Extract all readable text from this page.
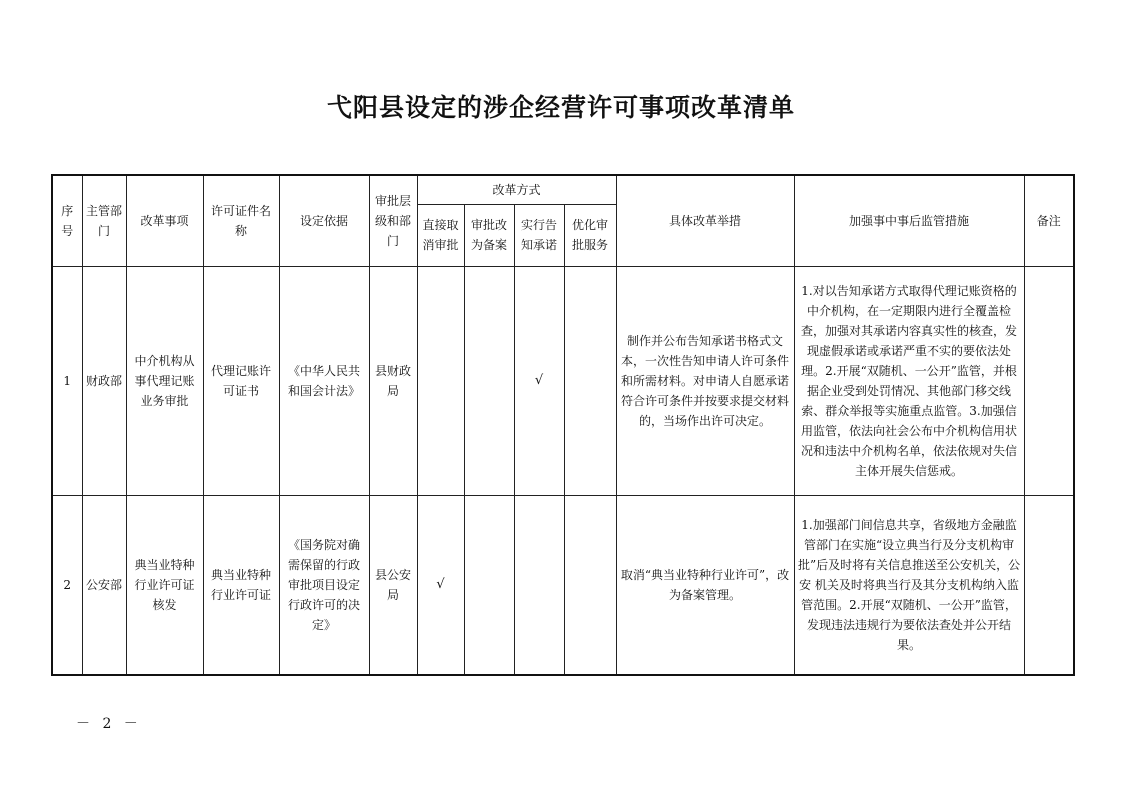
弋阳县设定的涉企经营许可事项改革清单
序号	主管部门	改革事项	许可证件名称	设定依据	审批层级和部门	改革方式				具体改革举措	加强事中事后监管措施	备注
						直接取消审批	审批改为备案	实行告知承诺	优化审批服务			
1	财政部	中介机构从事代理记账业务审批	代理记账许可证书	《中华人民共和国会计法》	县财政局			√		制作并公布告知承诺书格式文本，一次性告知申请人许可条件和所需材料。对申请人自愿承诺符合许可条件并按要求提交材料的，当场作出许可决定。	1.对以告知承诺方式取得代理记账资格的中介机构，在一定期限内进行全覆盖检查，加强对其承诺内容真实性的核查，发现虚假承诺或承诺严重不实的要依法处理。2.开展“双随机、一公开”监管，并根据企业受到处罚情况、其他部门移交线索、群众举报等实施重点监管。3.加强信用监管，依法向社会公布中介机构信用状况和违法中介机构名单，依法依规对失信主体开展失信惩戒。	
2	公安部	典当业特种行业许可证核发	典当业特种行业许可证	《国务院对确需保留的行政审批项目设定行政许可的决定》	县公安局	√				取消“典当业特种行业许可”，改为备案管理。	1.加强部门间信息共享，省级地方金融监管部门在实施“设立典当行及分支机构审批”后及时将有关信息推送至公安机关，公安 机关及时将典当行及其分支机构纳入监管范围。2.开展“双随机、一公开”监管，发现违法违规行为要依法查处并公开结果。	
－ 2 －
